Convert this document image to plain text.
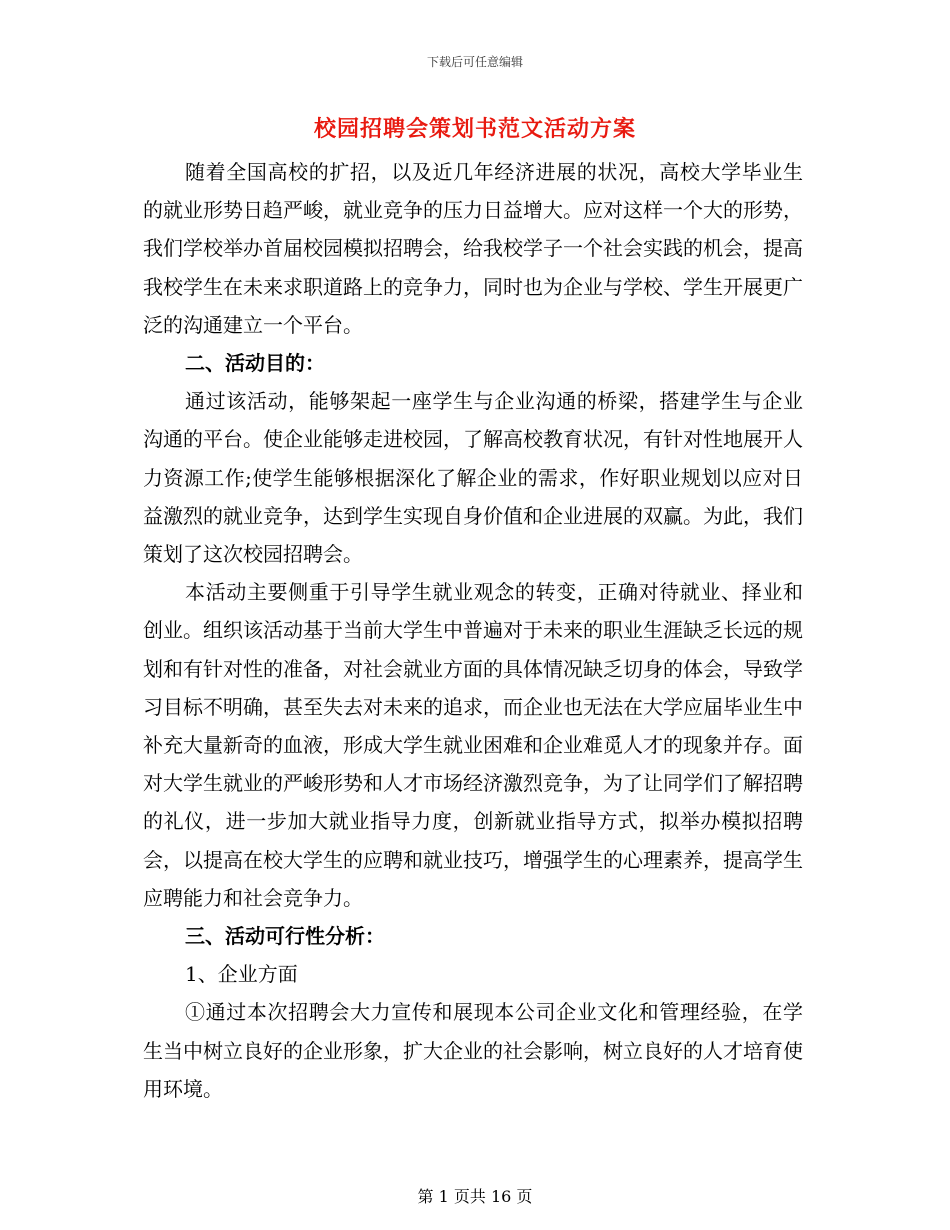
下载后可任意编辑
校园招聘会策划书范文活动方案

随着全国高校的扩招，以及近几年经济进展的状况，高校大学毕业生的就业形势日趋严峻，就业竞争的压力日益增大。应对这样一个大的形势，我们学校举办首届校园模拟招聘会，给我校学子一个社会实践的机会，提高我校学生在未来求职道路上的竞争力，同时也为企业与学校、学生开展更广泛的沟通建立一个平台。

二、活动目的：

通过该活动，能够架起一座学生与企业沟通的桥梁，搭建学生与企业沟通的平台。使企业能够走进校园，了解高校教育状况，有针对性地展开人力资源工作;使学生能够根据深化了解企业的需求，作好职业规划以应对日益激烈的就业竞争，达到学生实现自身价值和企业进展的双赢。为此，我们策划了这次校园招聘会。

本活动主要侧重于引导学生就业观念的转变，正确对待就业、择业和创业。组织该活动基于当前大学生中普遍对于未来的职业生涯缺乏长远的规划和有针对性的准备，对社会就业方面的具体情况缺乏切身的体会，导致学习目标不明确，甚至失去对未来的追求，而企业也无法在大学应届毕业生中补充大量新奇的血液，形成大学生就业困难和企业难觅人才的现象并存。面对大学生就业的严峻形势和人才市场经济激烈竞争，为了让同学们了解招聘的礼仪，进一步加大就业指导力度，创新就业指导方式，拟举办模拟招聘会，以提高在校大学生的应聘和就业技巧，增强学生的心理素养，提高学生应聘能力和社会竞争力。

三、活动可行性分析：

1、企业方面

①通过本次招聘会大力宣传和展现本公司企业文化和管理经验，在学生当中树立良好的企业形象，扩大企业的社会影响，树立良好的人才培育使用环境。

第 1 页共 16 页
